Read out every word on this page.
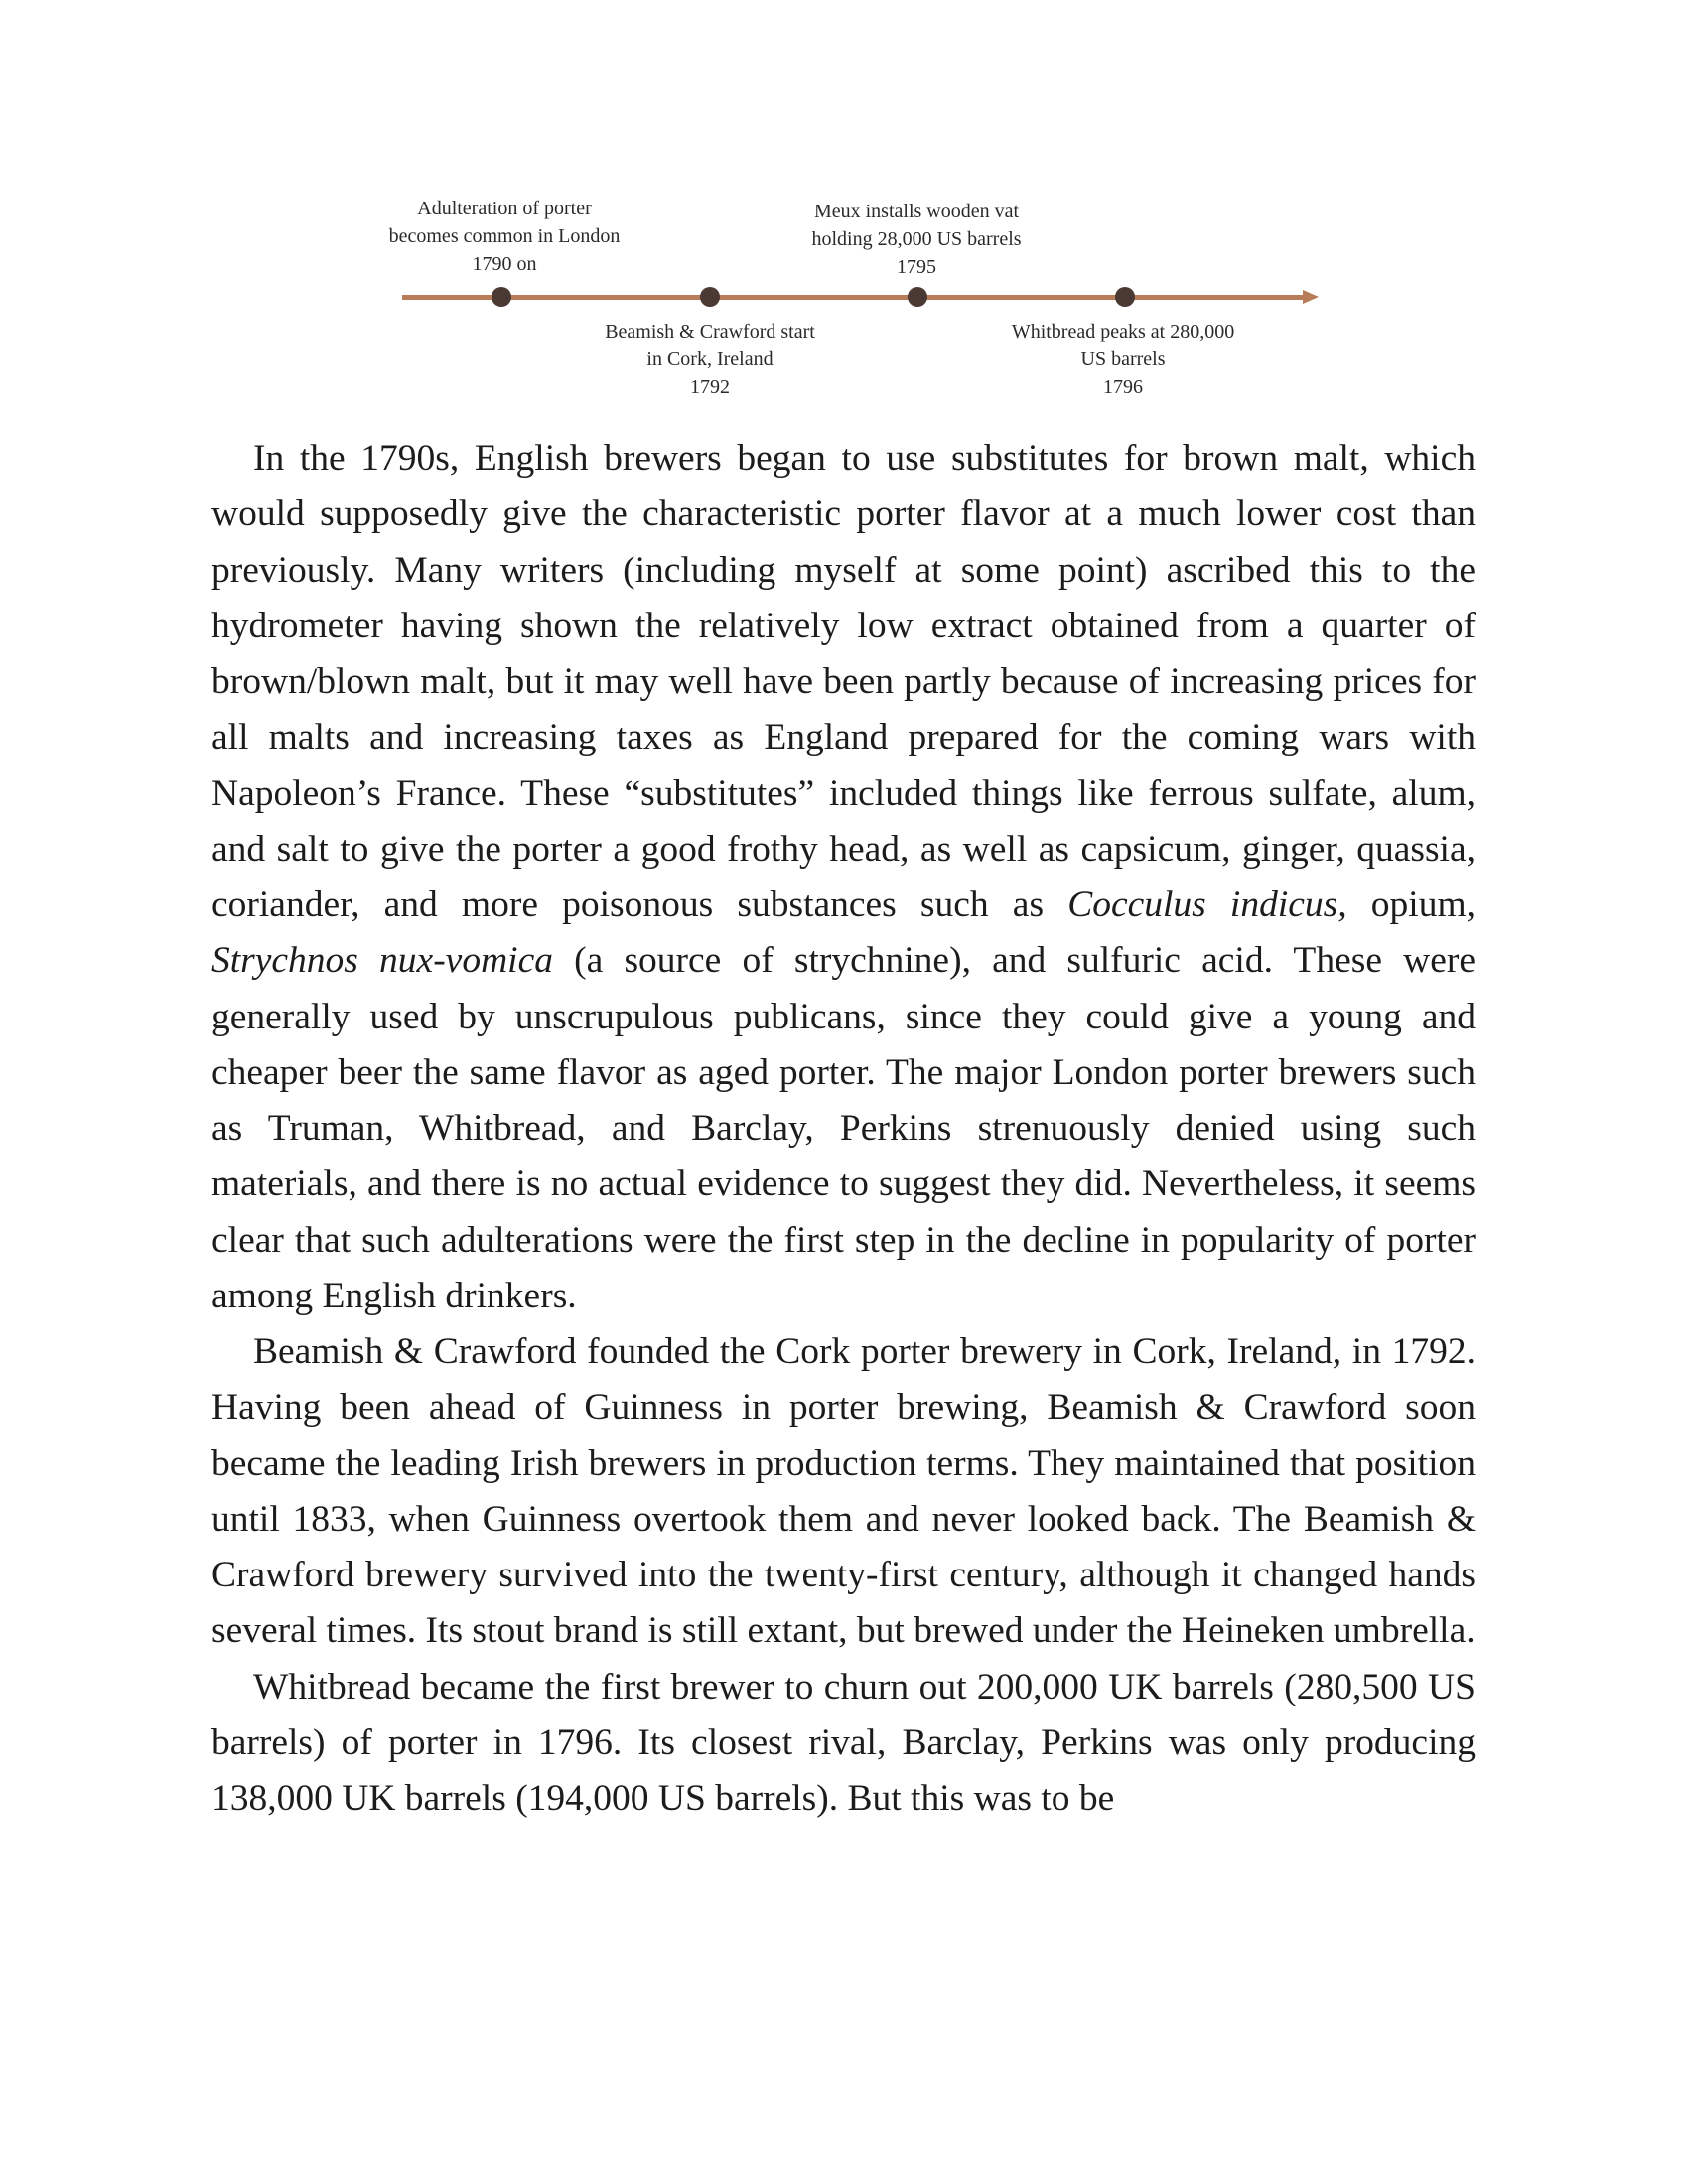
Adulteration of porter
becomes common in London
1790 on
Beamish & Crawford start
in Cork, Ireland
1792
Meux installs wooden vat
holding 28,000 US barrels
1795
Whitbread peaks at 280,000
US barrels
1796

In the 1790s, English brewers began to use substitutes for brown malt, which would supposedly give the characteristic porter flavor at a much lower cost than previously. Many writers (including myself at some point) ascribed this to the hydrometer having shown the relatively low extract obtained from a quarter of brown/blown malt, but it may well have been partly because of increasing prices for all malts and increasing taxes as England prepared for the coming wars with Napoleon’s France. These “substitutes” included things like ferrous sulfate, alum, and salt to give the porter a good frothy head, as well as capsicum, ginger, quassia, coriander, and more poisonous substances such as Cocculus indicus, opium, Strychnos nux-vomica (a source of strychnine), and sulfuric acid. These were generally used by unscrupulous publicans, since they could give a young and cheaper beer the same flavor as aged porter. The major London porter brewers such as Truman, Whitbread, and Barclay, Perkins strenuously denied using such materials, and there is no actual evidence to suggest they did. Nevertheless, it seems clear that such adulterations were the first step in the decline in popularity of porter among English drinkers.

Beamish & Crawford founded the Cork porter brewery in Cork, Ireland, in 1792. Having been ahead of Guinness in porter brewing, Beamish & Crawford soon became the leading Irish brewers in production terms. They maintained that position until 1833, when Guinness overtook them and never looked back. The Beamish & Crawford brewery survived into the twenty-first century, although it changed hands several times. Its stout brand is still extant, but brewed under the Heineken umbrella.

Whitbread became the first brewer to churn out 200,000 UK barrels (280,500 US barrels) of porter in 1796. Its closest rival, Barclay, Perkins was only producing 138,000 UK barrels (194,000 US barrels). But this was to be
